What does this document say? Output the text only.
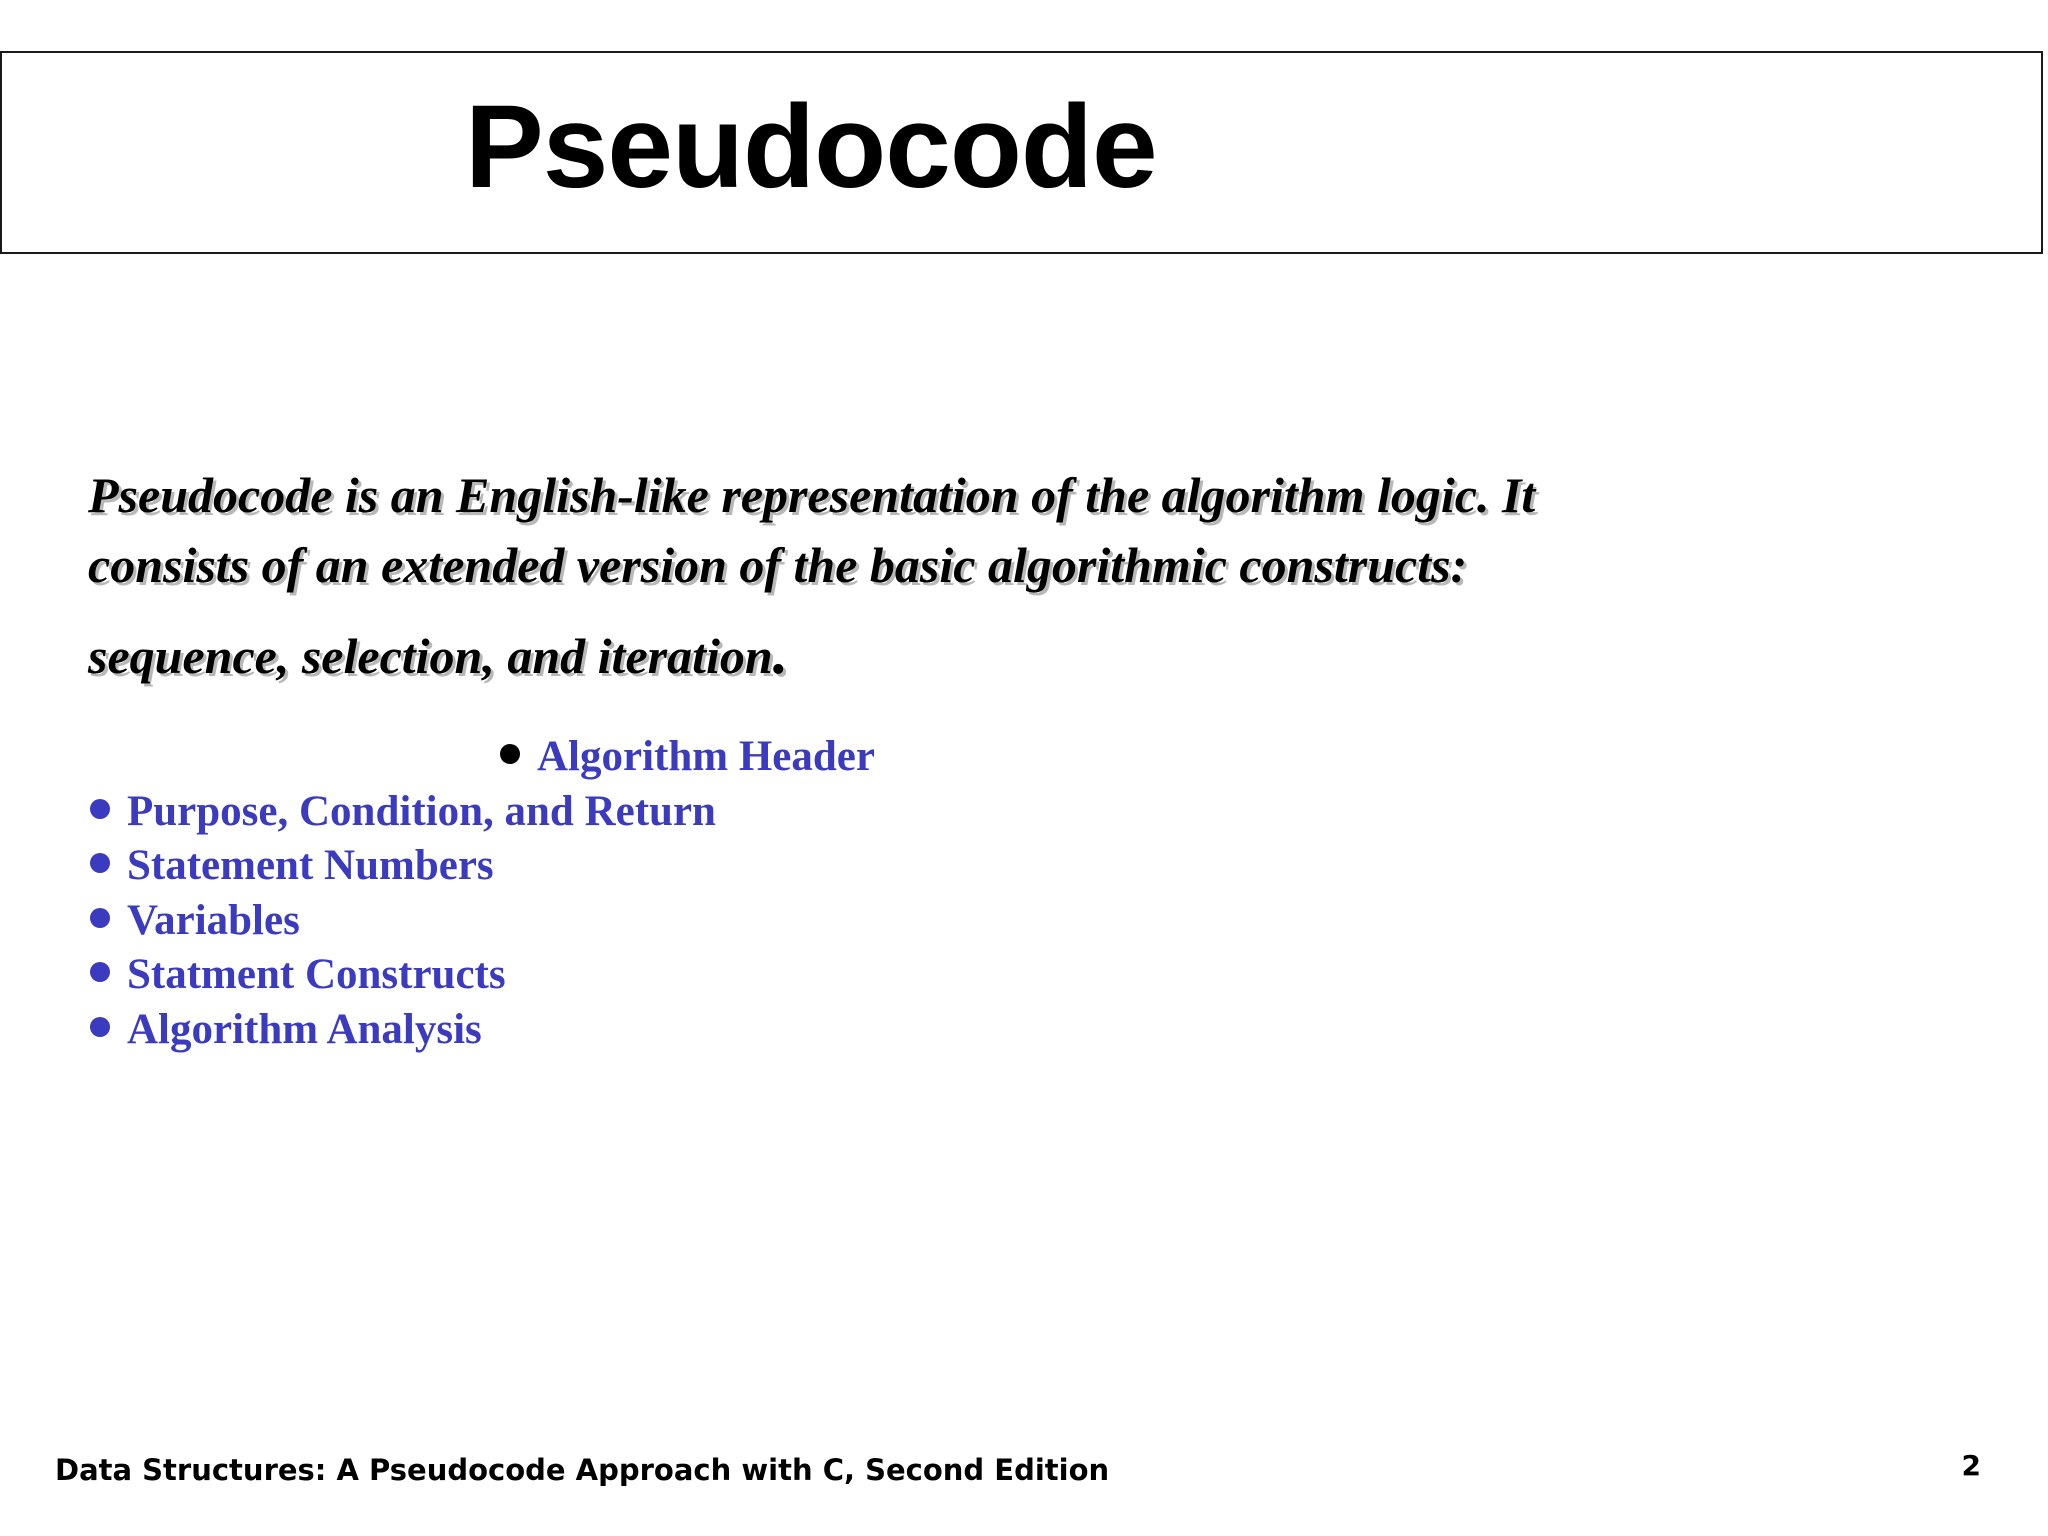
Pseudocode

Pseudocode is an English-like representation of the algorithm logic. It
consists of an extended version of the basic algorithmic constructs:
sequence, selection, and iteration.

Algorithm Header
Purpose, Condition, and Return
Statement Numbers
Variables
Statment Constructs
Algorithm Analysis

Data Structures: A Pseudocode Approach with C, Second Edition	2
